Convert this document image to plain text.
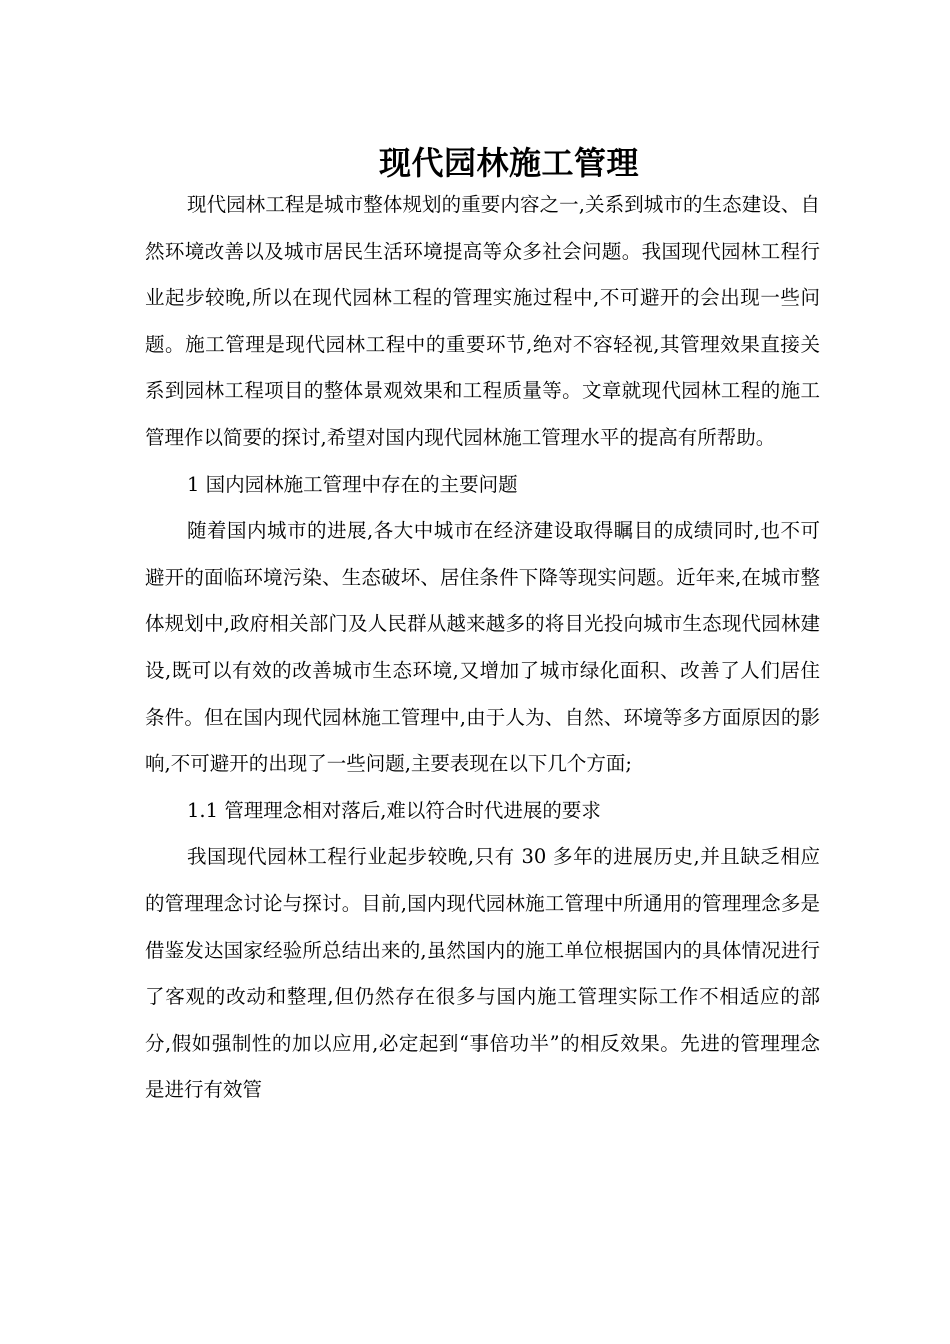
现代园林施工管理

现代园林工程是城市整体规划的重要内容之一,关系到城市的生态建设、自然环境改善以及城市居民生活环境提高等众多社会问题。我国现代园林工程行业起步较晚,所以在现代园林工程的管理实施过程中,不可避开的会出现一些问题。施工管理是现代园林工程中的重要环节,绝对不容轻视,其管理效果直接关系到园林工程项目的整体景观效果和工程质量等。文章就现代园林工程的施工管理作以简要的探讨,希望对国内现代园林施工管理水平的提高有所帮助。

1 国内园林施工管理中存在的主要问题

随着国内城市的进展,各大中城市在经济建设取得瞩目的成绩同时,也不可避开的面临环境污染、生态破坏、居住条件下降等现实问题。近年来,在城市整体规划中,政府相关部门及人民群从越来越多的将目光投向城市生态现代园林建设,既可以有效的改善城市生态环境,又增加了城市绿化面积、改善了人们居住条件。但在国内现代园林施工管理中,由于人为、自然、环境等多方面原因的影响,不可避开的出现了一些问题,主要表现在以下几个方面;

1.1 管理理念相对落后,难以符合时代进展的要求

我国现代园林工程行业起步较晚,只有 30 多年的进展历史,并且缺乏相应的管理理念讨论与探讨。目前,国内现代园林施工管理中所通用的管理理念多是借鉴发达国家经验所总结出来的,虽然国内的施工单位根据国内的具体情况进行了客观的改动和整理,但仍然存在很多与国内施工管理实际工作不相适应的部分,假如强制性的加以应用,必定起到“事倍功半”的相反效果。先进的管理理念是进行有效管
